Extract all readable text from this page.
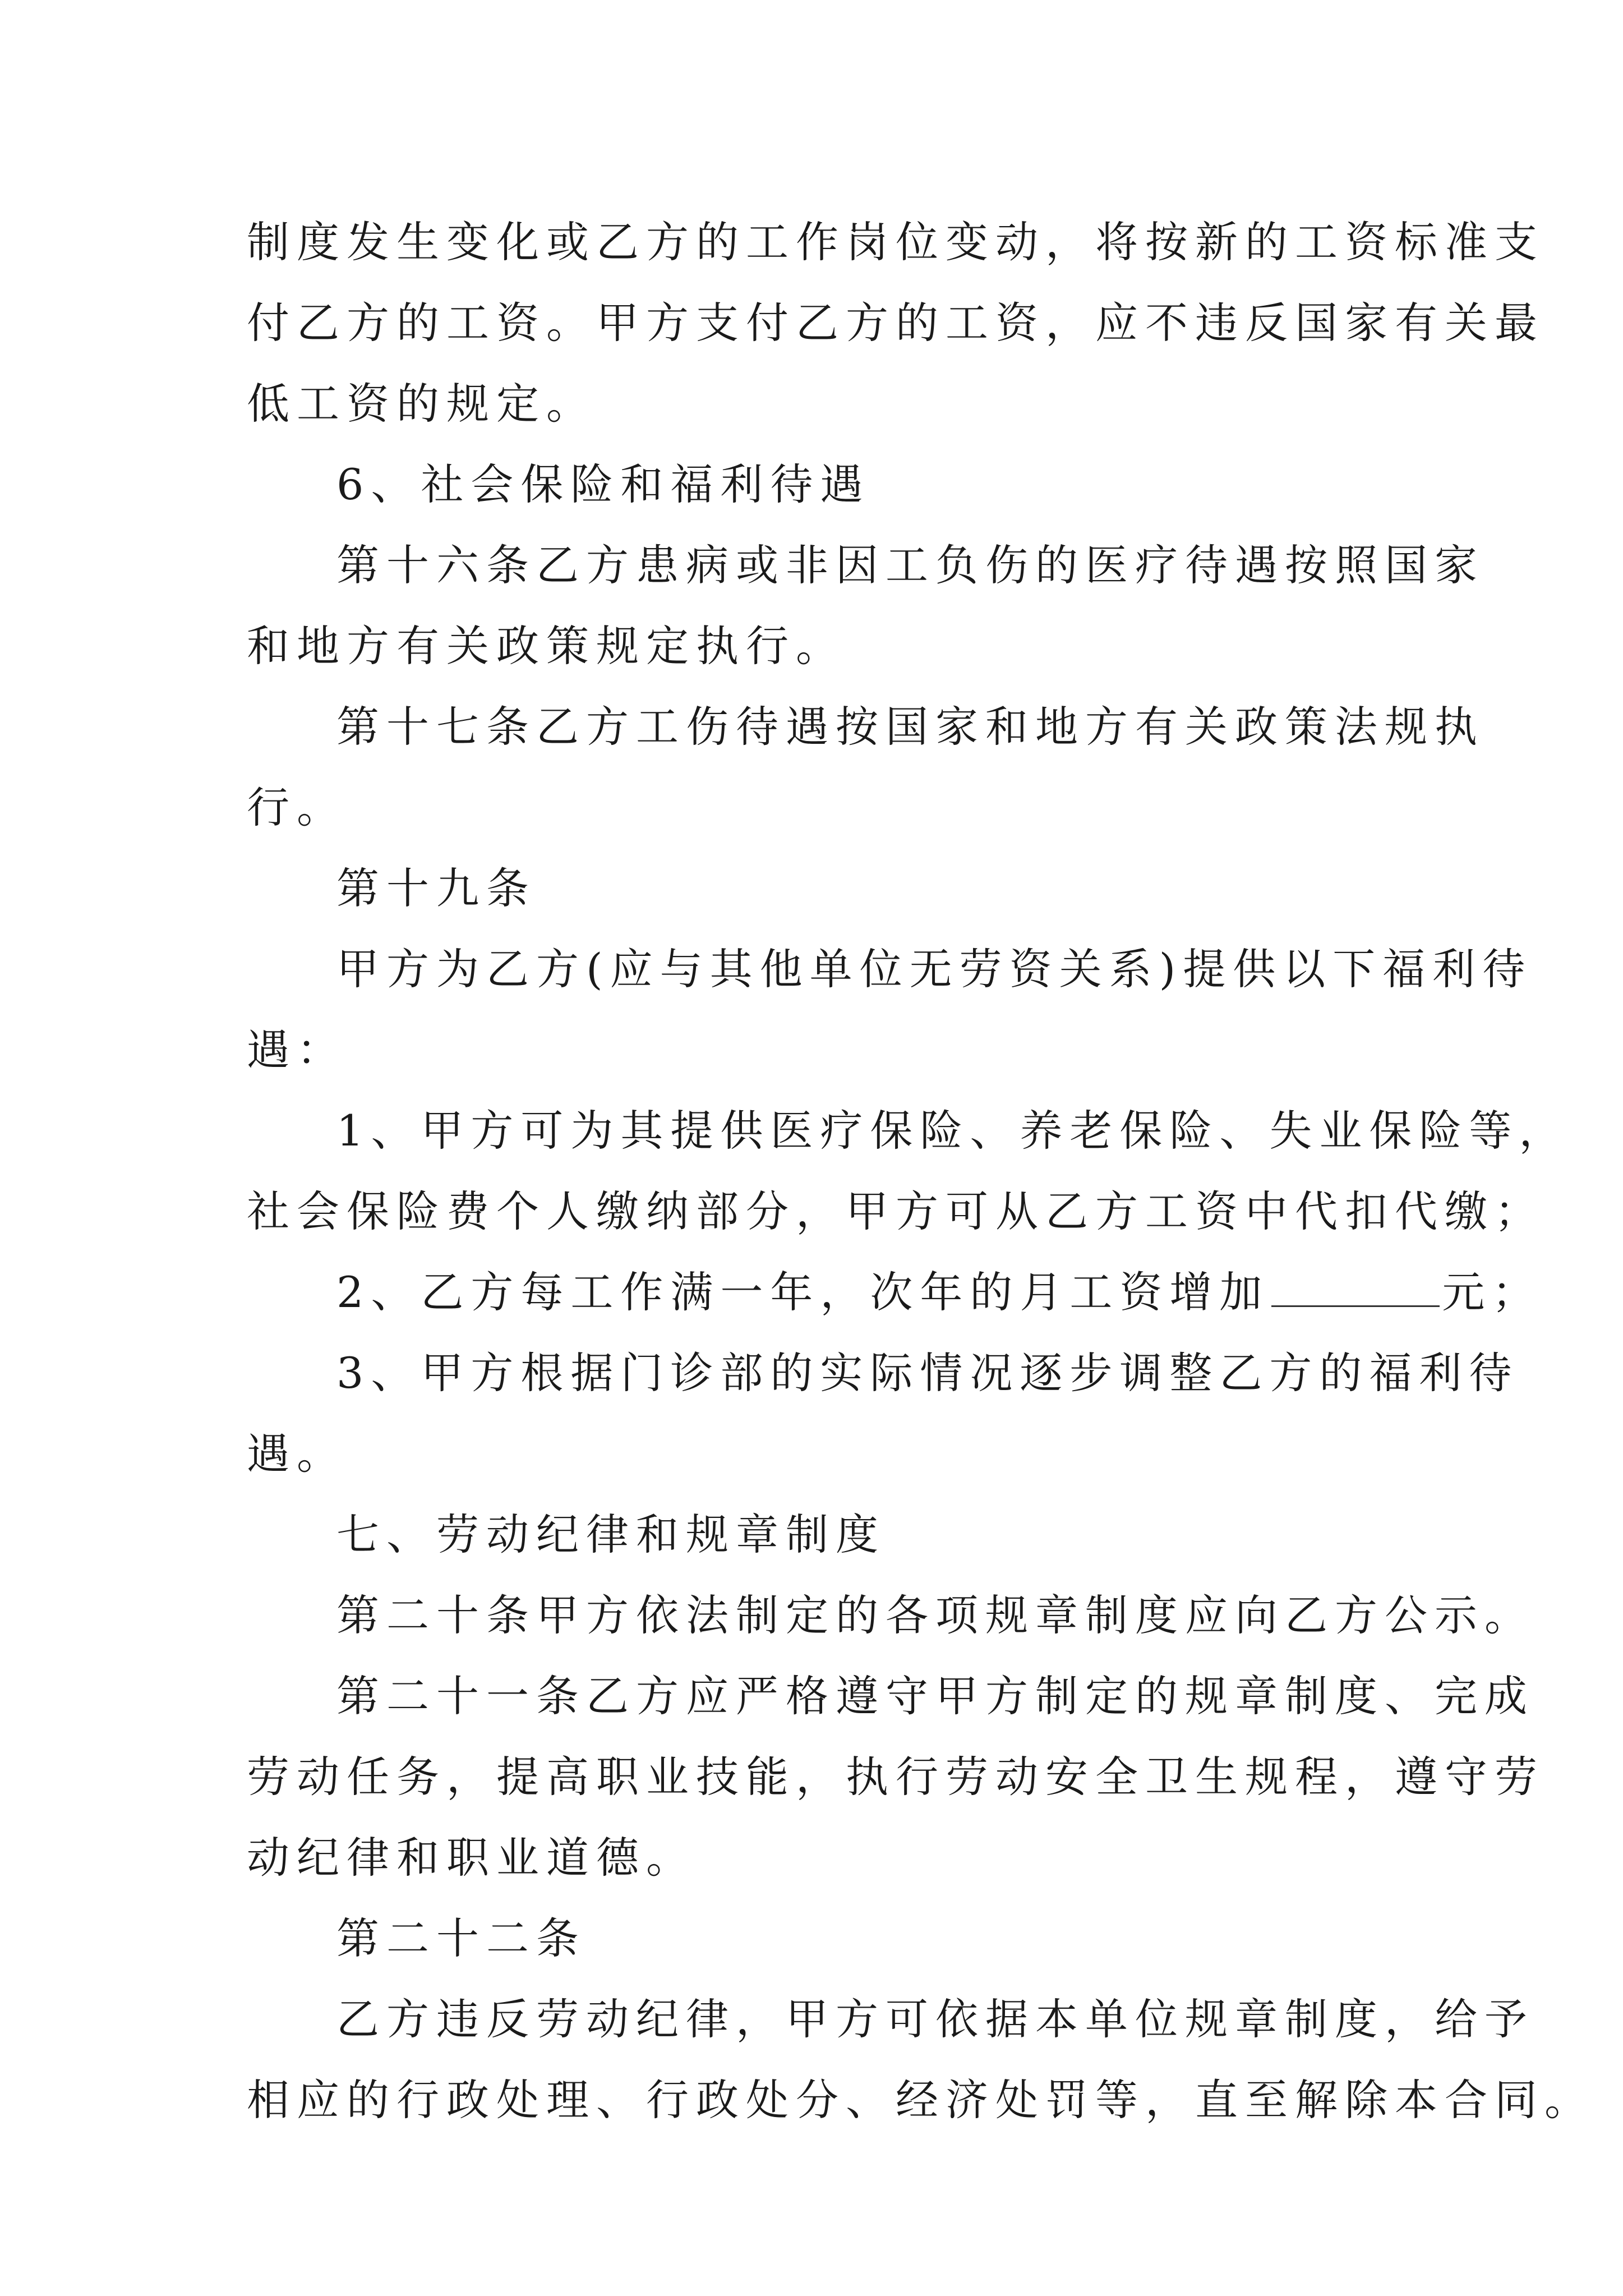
制度发生变化或乙方的工作岗位变动，将按新的工资标准支
付乙方的工资。甲方支付乙方的工资，应不违反国家有关最
低工资的规定。
6、社会保险和福利待遇
第十六条乙方患病或非因工负伤的医疗待遇按照国家
和地方有关政策规定执行。
第十七条乙方工伤待遇按国家和地方有关政策法规执
行。
第十九条
甲方为乙方(应与其他单位无劳资关系)提供以下福利待
遇：
1、甲方可为其提供医疗保险、养老保险、失业保险等，
社会保险费个人缴纳部分，甲方可从乙方工资中代扣代缴；
2、乙方每工作满一年，次年的月工资增加	元；
3、甲方根据门诊部的实际情况逐步调整乙方的福利待
遇。
七、劳动纪律和规章制度
第二十条甲方依法制定的各项规章制度应向乙方公示。
第二十一条乙方应严格遵守甲方制定的规章制度、完成
劳动任务，提高职业技能，执行劳动安全卫生规程，遵守劳
动纪律和职业道德。
第二十二条
乙方违反劳动纪律，甲方可依据本单位规章制度，给予
相应的行政处理、行政处分、经济处罚等，直至解除本合同。
